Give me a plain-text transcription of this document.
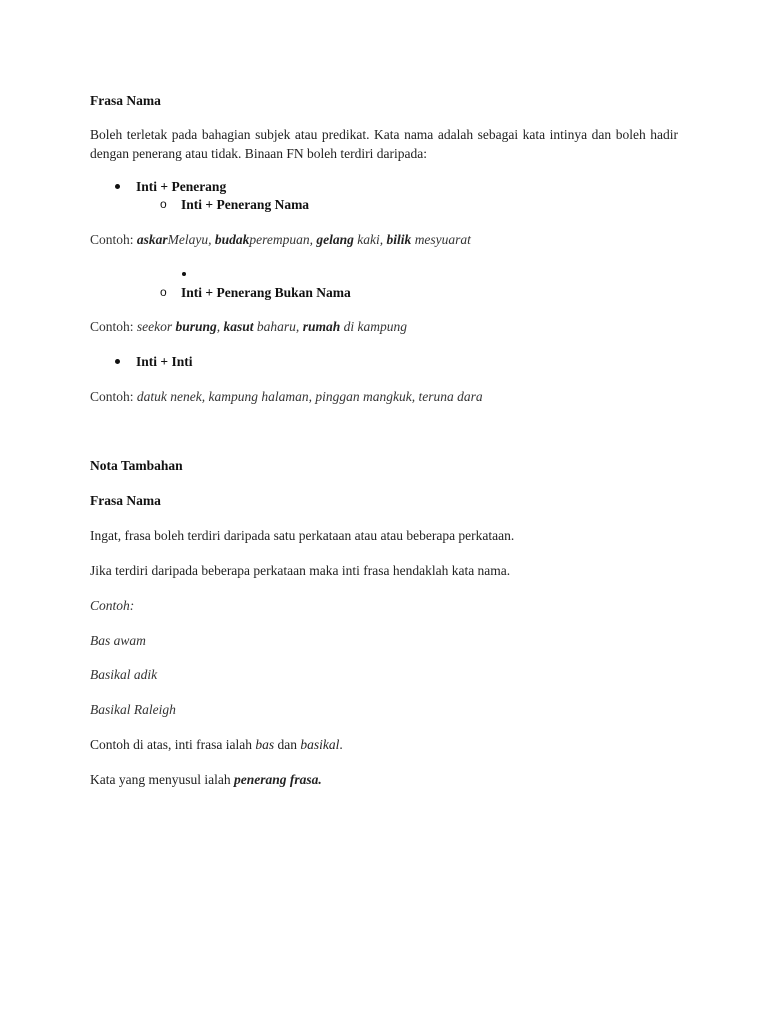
Frasa Nama

Boleh terletak pada bahagian subjek atau predikat. Kata nama adalah sebagai kata intinya dan boleh hadir dengan penerang atau tidak. Binaan FN boleh terdiri daripada:

Inti + Penerang
o Inti + Penerang Nama

Contoh: askarMelayu, budakperempuan, gelang kaki, bilik mesyuarat

o Inti + Penerang Bukan Nama

Contoh: seekor burung, kasut baharu, rumah di kampung

Inti + Inti

Contoh: datuk nenek, kampung halaman, pinggan mangkuk, teruna dara

Nota Tambahan

Frasa Nama

Ingat, frasa boleh terdiri daripada satu perkataan atau atau beberapa perkataan.

Jika terdiri daripada beberapa perkataan maka inti frasa hendaklah kata nama.

Contoh:

Bas awam

Basikal adik

Basikal Raleigh

Contoh di atas, inti frasa ialah bas dan basikal.

Kata yang menyusul ialah penerang frasa.
